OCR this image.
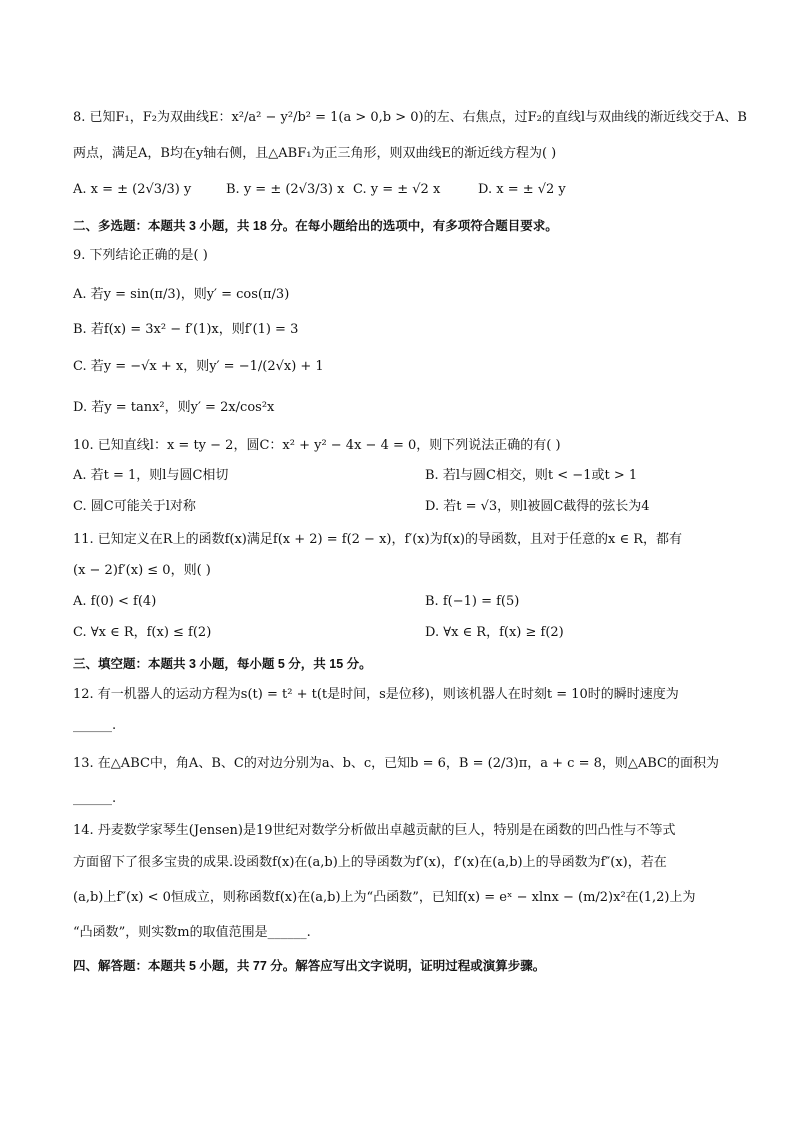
8. 已知F₁，F₂为双曲线E：x²/a² − y²/b² = 1(a > 0,b > 0)的左、右焦点，过F₂的直线l与双曲线的渐近线交于A、B
两点，满足A，B均在y轴右侧，且△ABF₁为正三角形，则双曲线E的渐近线方程为( )
A. x = ± (2√3/3) y	B. y = ± (2√3/3) x C. y = ± √2 x	D. x = ± √2 y
二、多选题：本题共 3 小题，共 18 分。在每小题给出的选项中，有多项符合题目要求。
9. 下列结论正确的是( )
A. 若y = sin(π/3)，则y′ = cos(π/3)
B. 若f(x) = 3x² − f′(1)x，则f′(1) = 3
C. 若y = −√x + x，则y′ = −1/(2√x) + 1
D. 若y = tanx²，则y′ = 2x/cos²x
10. 已知直线l：x = ty − 2，圆C：x² + y² − 4x − 4 = 0，则下列说法正确的有( )
A. 若t = 1，则l与圆C相切	B. 若l与圆C相交，则t < −1或t > 1
C. 圆C可能关于l对称	D. 若t = √3，则l被圆C截得的弦长为4
11. 已知定义在R上的函数f(x)满足f(x + 2) = f(2 − x)，f′(x)为f(x)的导函数，且对于任意的x ∈ R，都有
(x − 2)f′(x) ≤ 0，则( )
A. f(0) < f(4)	B. f(−1) = f(5)
C. ∀x ∈ R，f(x) ≤ f(2)	D. ∀x ∈ R，f(x) ≥ f(2)
三、填空题：本题共 3 小题，每小题 5 分，共 15 分。
12. 有一机器人的运动方程为s(t) = t² + t(t是时间，s是位移)，则该机器人在时刻t = 10时的瞬时速度为
______.
13. 在△ABC中，角A、B、C的对边分别为a、b、c，已知b = 6，B = (2/3)π，a + c = 8，则△ABC的面积为
______.
14. 丹麦数学家琴生(Jensen)是19世纪对数学分析做出卓越贡献的巨人，特别是在函数的凹凸性与不等式
方面留下了很多宝贵的成果.设函数f(x)在(a,b)上的导函数为f′(x)，f′(x)在(a,b)上的导函数为f″(x)，若在
(a,b)上f″(x) < 0恒成立，则称函数f(x)在(a,b)上为“凸函数”，已知f(x) = eˣ − xlnx − (m/2)x²在(1,2)上为
“凸函数”，则实数m的取值范围是______.
四、解答题：本题共 5 小题，共 77 分。解答应写出文字说明，证明过程或演算步骤。
